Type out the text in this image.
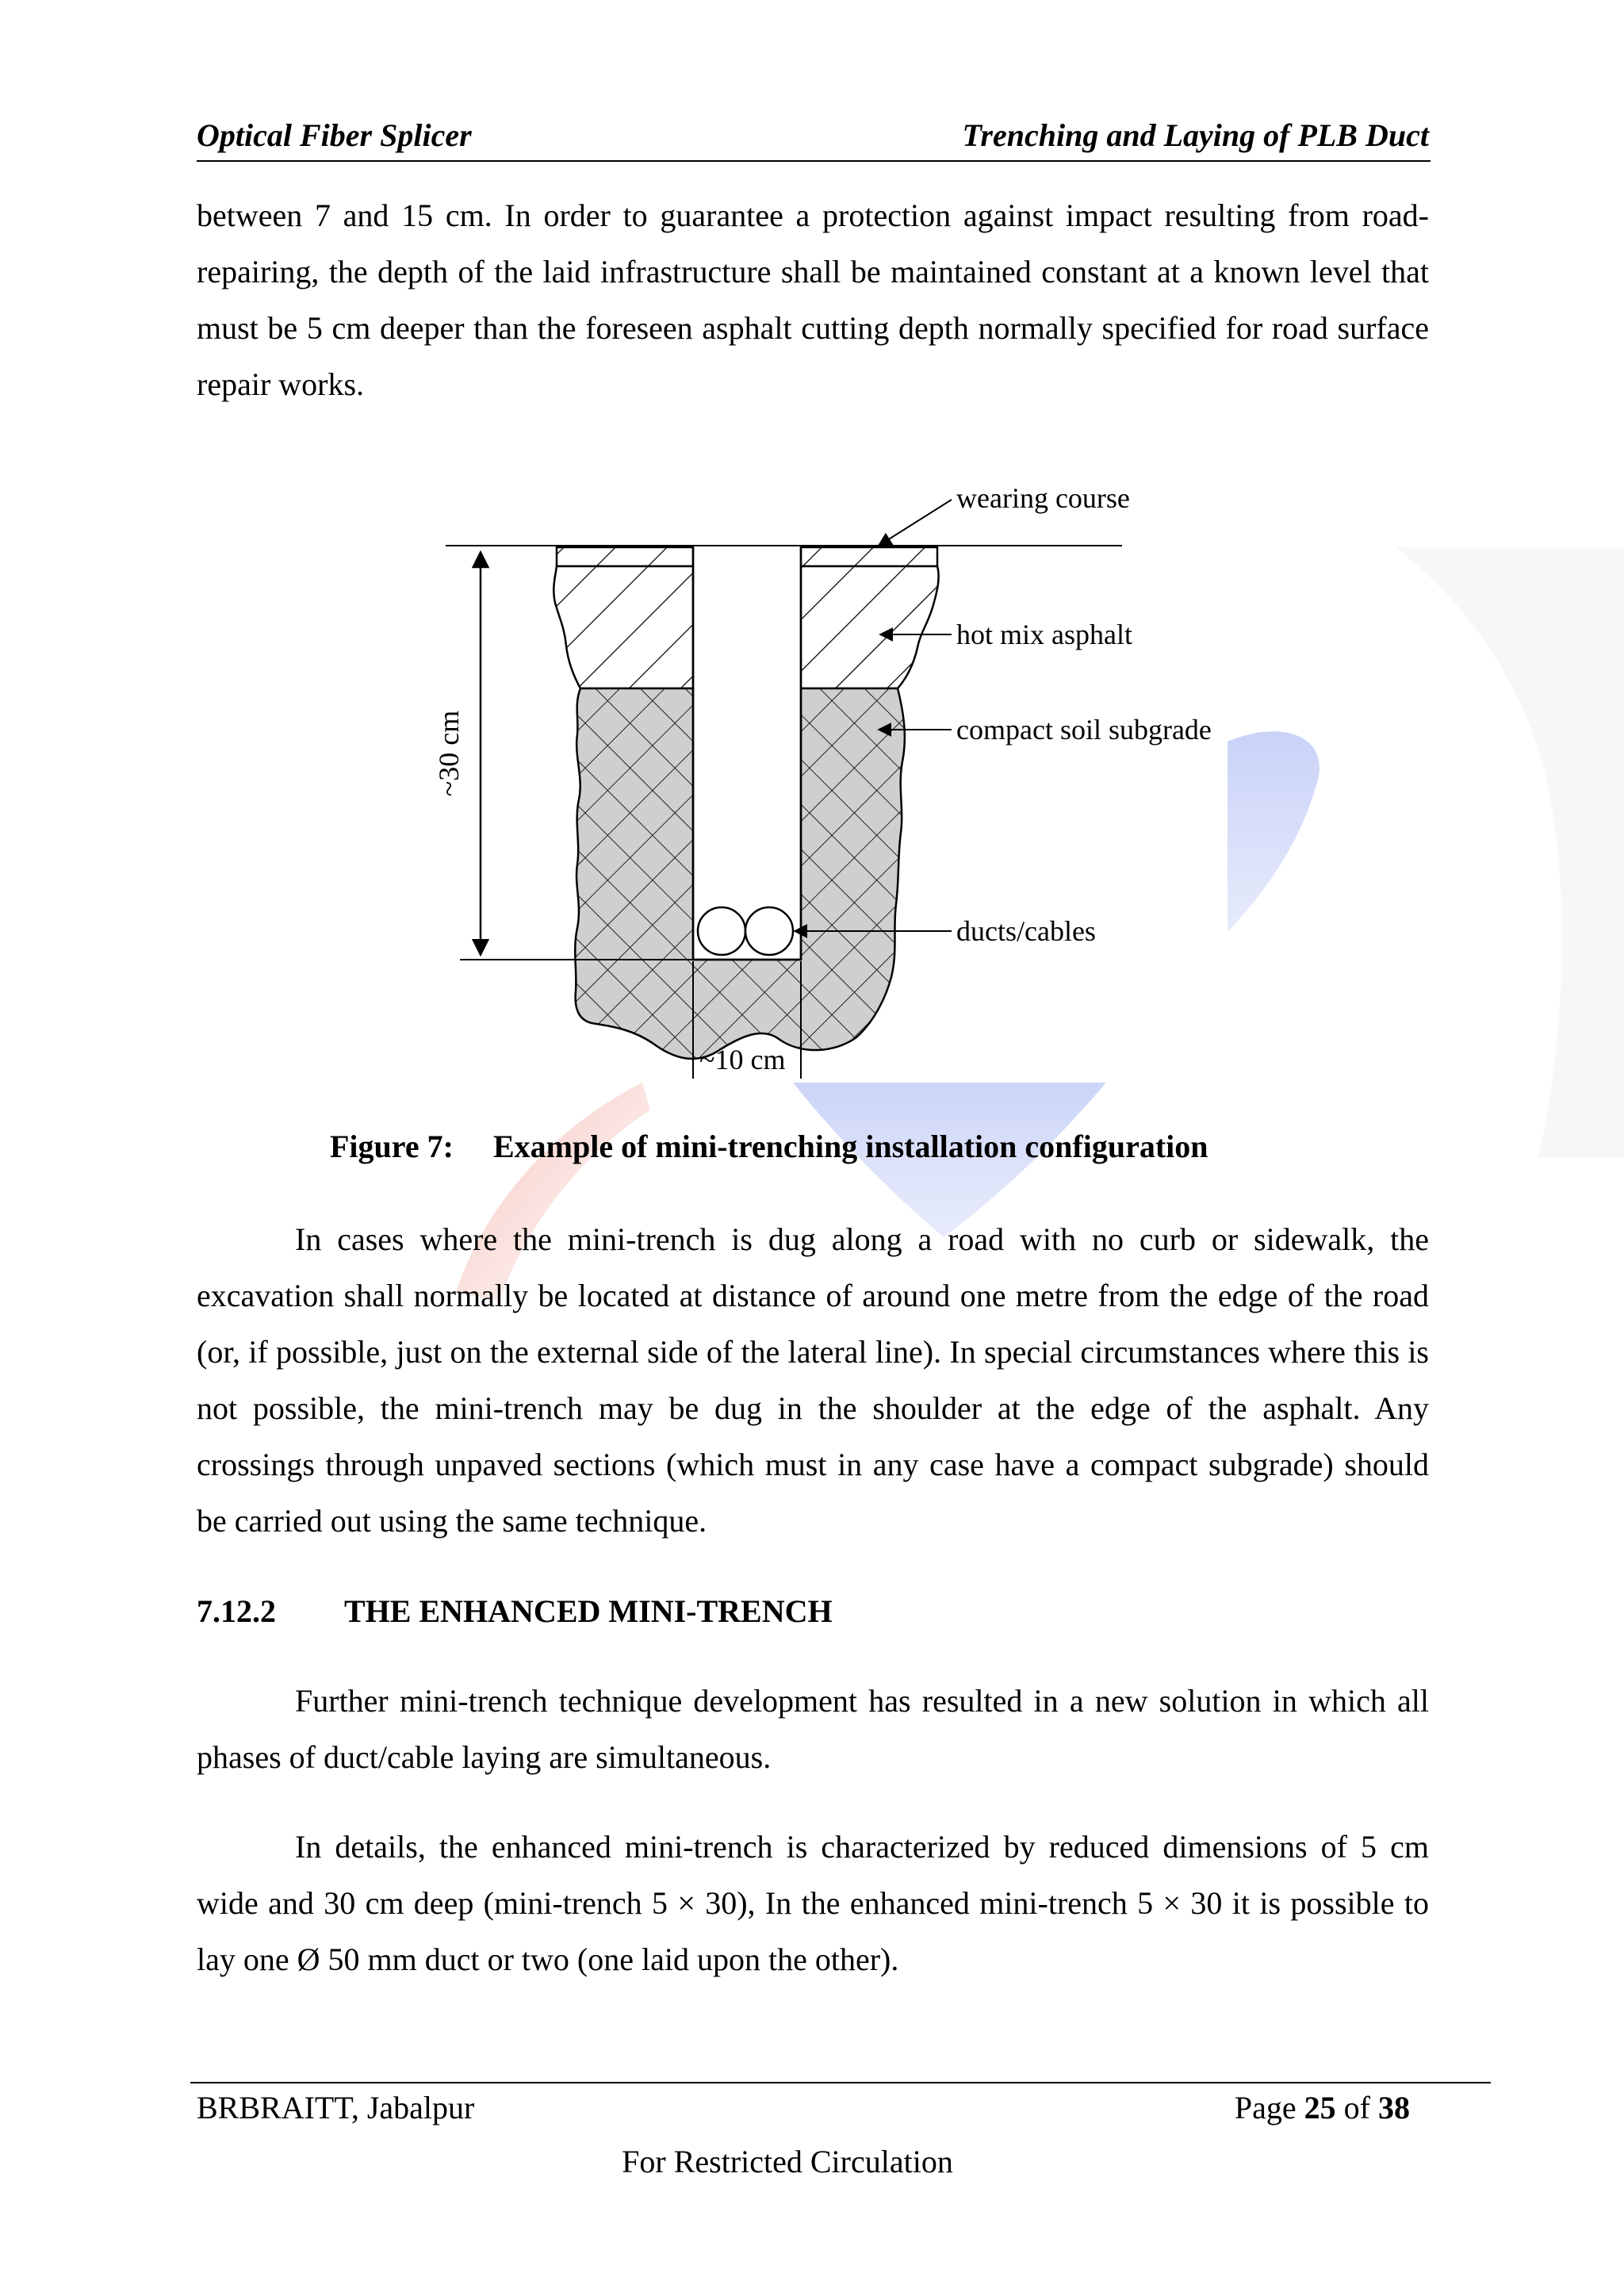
Optical Fiber Splicer	Trenching and Laying of PLB Duct

between 7 and 15 cm. In order to guarantee a protection against impact resulting from road-repairing, the depth of the laid infrastructure shall be maintained constant at a known level that must be 5 cm deeper than the foreseen asphalt cutting depth normally specified for road surface repair works.

~30 cm
~10 cm
wearing course
hot mix asphalt
compact soil subgrade
ducts/cables
Figure 7: Example of mini-trenching installation configuration

In cases where the mini-trench is dug along a road with no curb or sidewalk, the excavation shall normally be located at distance of around one metre from the edge of the road (or, if possible, just on the external side of the lateral line). In special circumstances where this is not possible, the mini-trench may be dug in the shoulder at the edge of the asphalt. Any crossings through unpaved sections (which must in any case have a compact subgrade) should be carried out using the same technique.

7.12.2 THE ENHANCED MINI-TRENCH

Further mini-trench technique development has resulted in a new solution in which all phases of duct/cable laying are simultaneous.

In details, the enhanced mini-trench is characterized by reduced dimensions of 5 cm wide and 30 cm deep (mini-trench 5 × 30), In the enhanced mini-trench 5 × 30 it is possible to lay one Ø 50 mm duct or two (one laid upon the other).

BRBRAITT, Jabalpur	Page 25 of 38
For Restricted Circulation
